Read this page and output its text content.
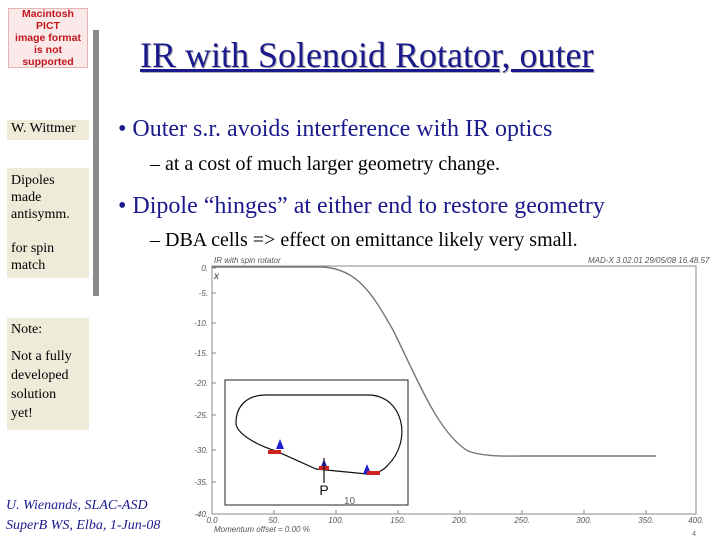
Macintosh PICT
image format
is not supported	IR with Solenoid Rotator, outer

W. Wittmer

Dipoles

made

antisymm.

for spin

match

Note:

Not a fully

developed

solution

yet!

• Outer s.r. avoids interference with IR optics
– at a cost of much larger geometry change.
• Dipole “hinges” at either end to restore geometry
– DBA cells => effect on emittance likely very small.
IR with spin rotator	MAD-X 3.02.01 29/05/08 16.48.57
x
0.
-5.
-10.
-15.
-20.
-25.
-30.
-35.
-40.
0.0	50.	100.	150.	200.	250.	300.	350.	400.
Momentum offset = 0.00 %
P
10
4

U. Wienands, SLAC-ASD

SuperB WS, Elba, 1-Jun-08
